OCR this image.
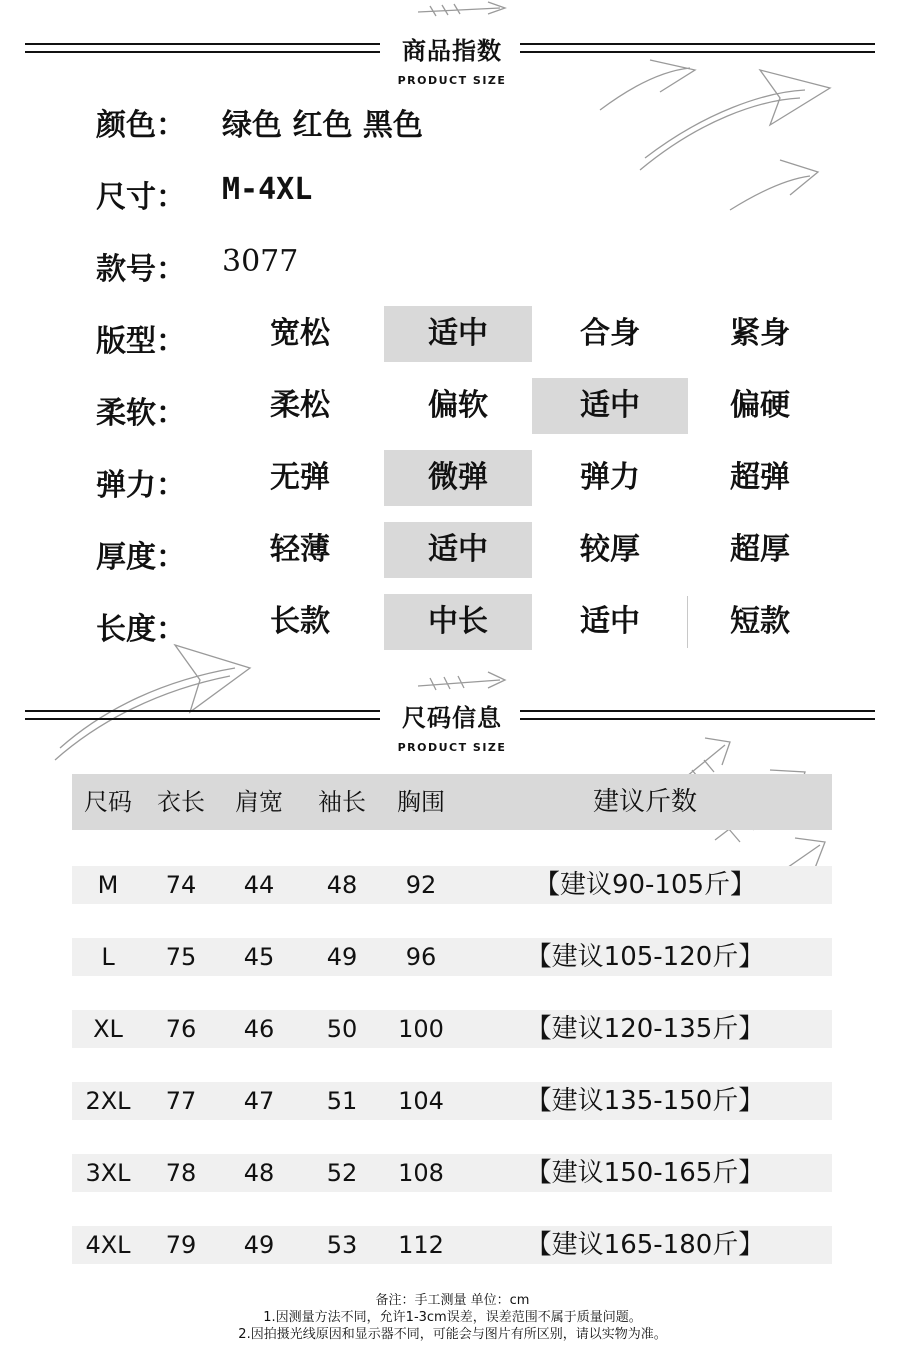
商品指数
PRODUCT SIZE
颜色： 绿色 红色 黑色
尺寸： M-4XL
款号： 3077
版型：	宽松	适中	合身	紧身
柔软：	柔松	偏软	适中	偏硬
弹力：	无弹	微弹	弹力	超弹
厚度：	轻薄	适中	较厚	超厚
长度：	长款	中长	适中	短款
尺码信息
PRODUCT SIZE
尺码	衣长	肩宽	袖长	胸围	建议斤数
M	74	44	48	92	【建议90-105斤】
L	75	45	49	96	【建议105-120斤】
XL	76	46	50	100	【建议120-135斤】
2XL	77	47	51	104	【建议135-150斤】
3XL	78	48	52	108	【建议150-165斤】
4XL	79	49	53	112	【建议165-180斤】
备注：手工测量 单位：cm
1.因测量方法不同，允许1-3cm误差，误差范围不属于质量问题。
2.因拍摄光线原因和显示器不同，可能会与图片有所区别，请以实物为准。
